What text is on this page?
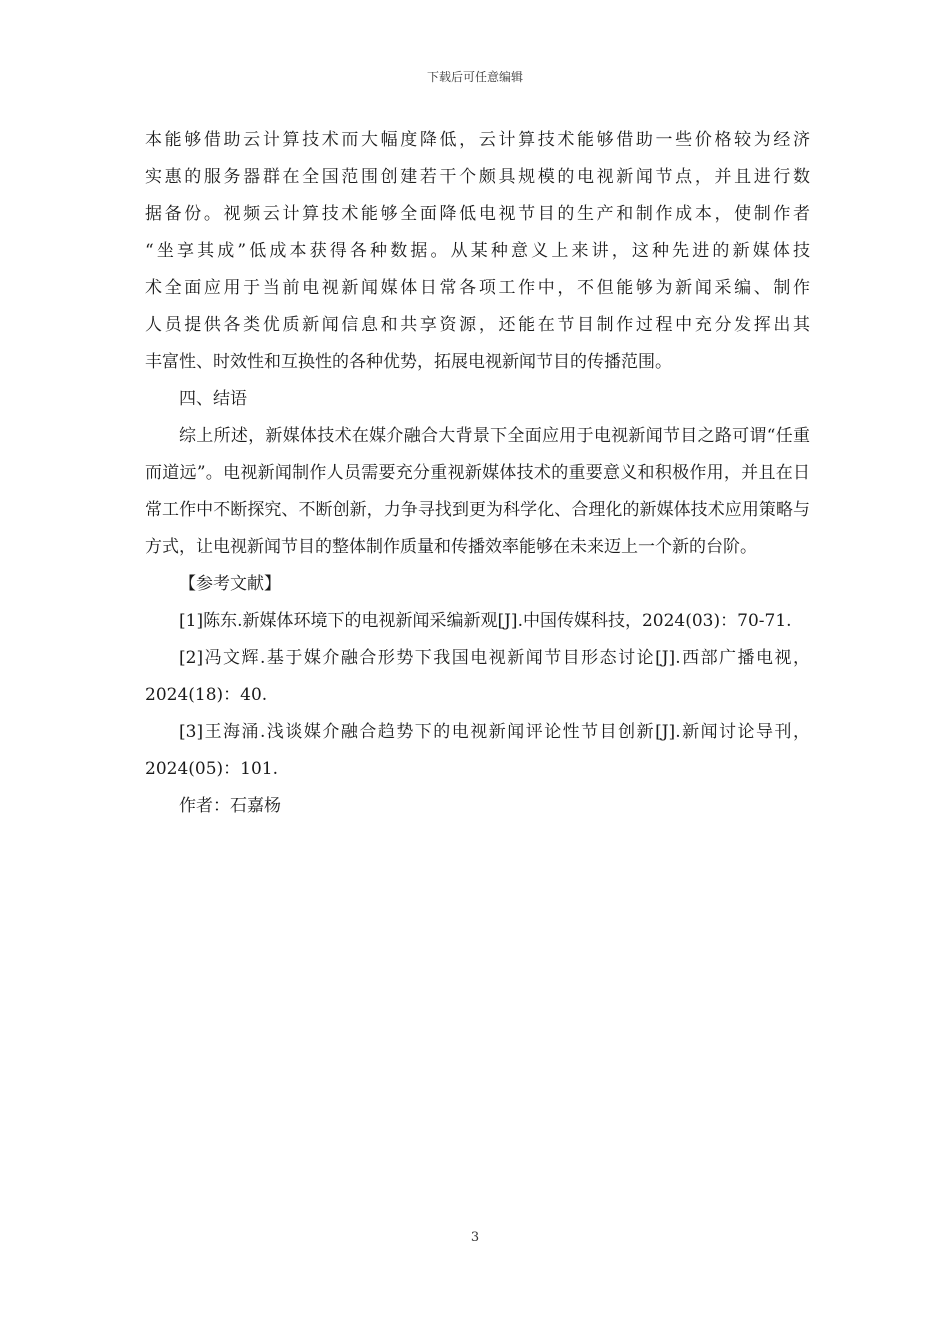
下载后可任意编辑

本能够借助云计算技术而大幅度降低，云计算技术能够借助一些价格较为经济

实惠的服务器群在全国范围创建若干个颇具规模的电视新闻节点，并且进行数

据备份。视频云计算技术能够全面降低电视节目的生产和制作成本，使制作者

“坐享其成”低成本获得各种数据。从某种意义上来讲，这种先进的新媒体技

术全面应用于当前电视新闻媒体日常各项工作中，不但能够为新闻采编、制作

人员提供各类优质新闻信息和共享资源，还能在节目制作过程中充分发挥出其

丰富性、时效性和互换性的各种优势，拓展电视新闻节目的传播范围。

四、结语

综上所述，新媒体技术在媒介融合大背景下全面应用于电视新闻节目之路可谓“任重而道远”。电视新闻制作人员需要充分重视新媒体技术的重要意义和积极作用，并且在日常工作中不断探究、不断创新，力争寻找到更为科学化、合理化的新媒体技术应用策略与方式，让电视新闻节目的整体制作质量和传播效率能够在未来迈上一个新的台阶。

【参考文献】

[1]陈东.新媒体环境下的电视新闻采编新观[J].中国传媒科技，2024(03)：70-71.

[2]冯文辉.基于媒介融合形势下我国电视新闻节目形态讨论[J].西部广播电视，2024(18)：40.

[3]王海涌.浅谈媒介融合趋势下的电视新闻评论性节目创新[J].新闻讨论导刊，2024(05)：101.

作者：石嘉杨

3
